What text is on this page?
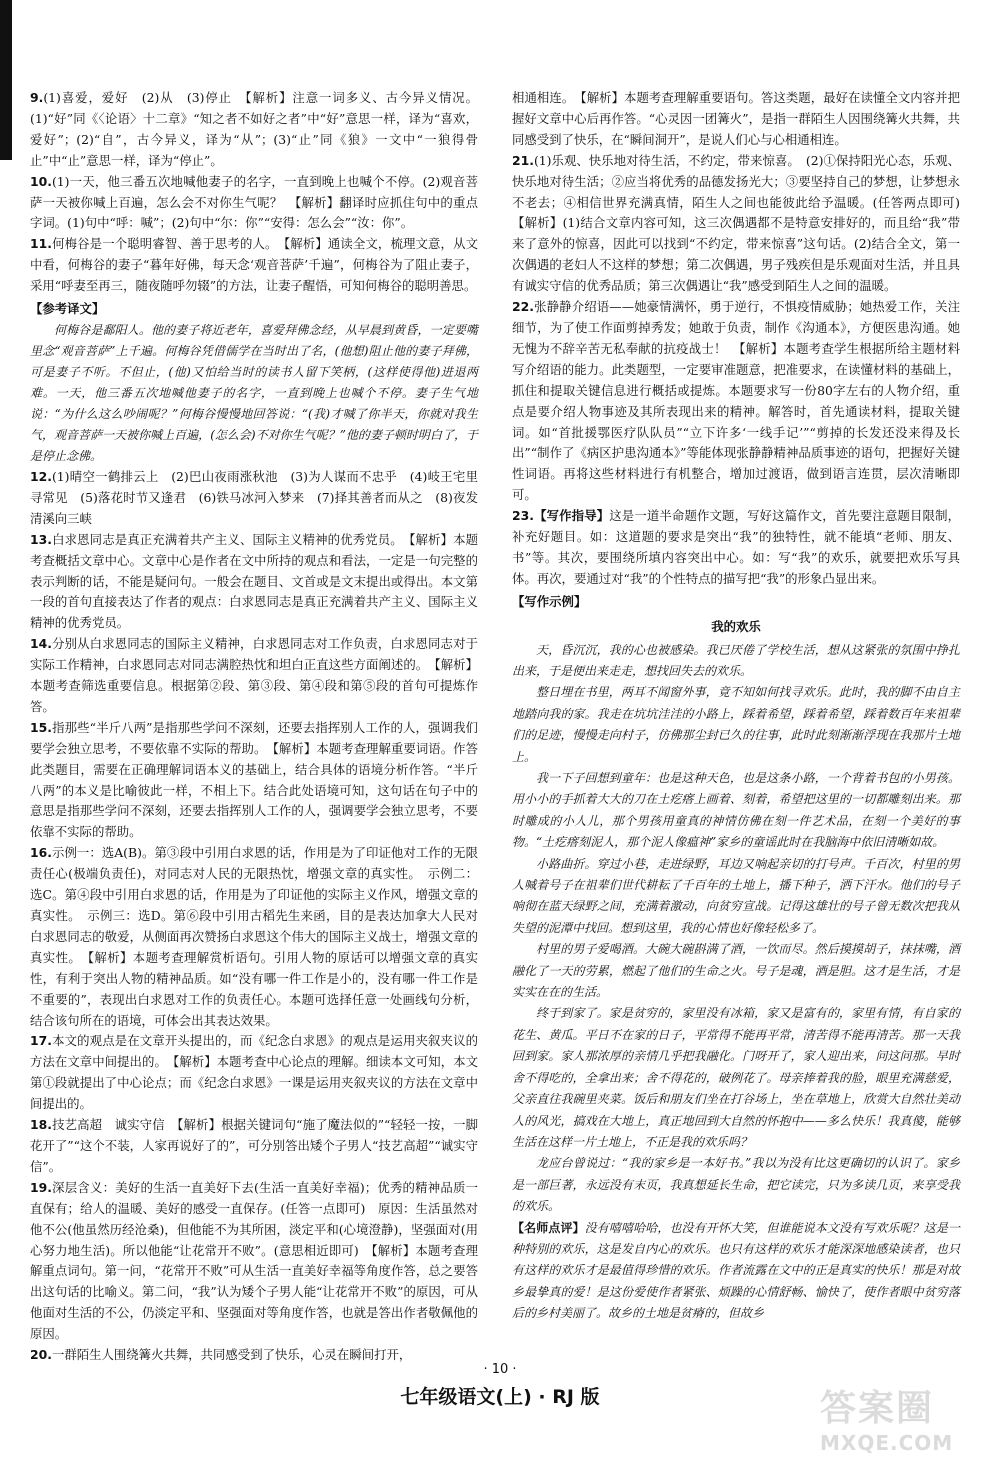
9.(1)喜爱，爱好　(2)从　(3)停止　【解析】注意一词多义、古今异义情况。(1)“好”同《〈论语〉十二章》“知之者不如好之者”中“好”意思一样，译为“喜欢，爱好”；(2)“自”，古今异义，译为“从”；(3)“止”同《狼》一文中“一狼得骨止”中“止”意思一样，译为“停止”。

10.(1)一天，他三番五次地喊他妻子的名字，一直到晚上也喊个不停。(2)观音菩萨一天被你喊上百遍，怎么会不对你生气呢？　【解析】翻译时应抓住句中的重点字词。(1)句中“呼：喊”；(2)句中“尔：你”“安得：怎么会”“汝：你”。

11.何梅谷是一个聪明睿智、善于思考的人。　【解析】通读全文，梳理文意，从文中看，何梅谷的妻子“暮年好佛，每天念‘观音菩萨’千遍”，何梅谷为了阻止妻子，采用“呼妻至再三，随夜随呼勿辍”的方法，让妻子醒悟，可知何梅谷的聪明善思。

【参考译文】

何梅谷是鄱阳人。他的妻子将近老年，喜爱拜佛念经，从早晨到黄昏，一定要嘴里念“观音菩萨”上千遍。何梅谷凭借儒学在当时出了名，(他想)阻止他的妻子拜佛，可是妻子不听。不但止，(他)又怕给当时的读书人留下笑柄，(这样使得他)进退两难。一天，他三番五次地喊他妻子的名字，一直到晚上也喊个不停。妻子生气地说：“为什么这么吵闹呢？”何梅谷慢慢地回答说：“(我)才喊了你半天，你就对我生气，观音菩萨一天被你喊上百遍，(怎么会)不对你生气呢？”他的妻子顿时明白了，于是停止念佛。

12.(1)晴空一鹤排云上　(2)巴山夜雨涨秋池　(3)为人谋而不忠乎　(4)岐王宅里寻常见　(5)落花时节又逢君　(6)铁马冰河入梦来　(7)择其善者而从之　(8)夜发清溪向三峡

13.白求恩同志是真正充满着共产主义、国际主义精神的优秀党员。　【解析】本题考查概括文章中心。文章中心是作者在文中所持的观点和看法，一定是一句完整的表示判断的话，不能是疑问句。一般会在题目、文首或是文末提出或得出。本文第一段的首句直接表达了作者的观点：白求恩同志是真正充满着共产主义、国际主义精神的优秀党员。

14.分别从白求恩同志的国际主义精神，白求恩同志对工作负责，白求恩同志对于实际工作精神，白求恩同志对同志满腔热忱和坦白正直这些方面阐述的。　【解析】本题考查筛选重要信息。根据第②段、第③段、第④段和第⑤段的首句可提炼作答。

15.指那些“半斤八两”是指那些学问不深刻，还要去指挥别人工作的人，强调我们要学会独立思考，不要依靠不实际的帮助。　【解析】本题考查理解重要词语。作答此类题目，需要在正确理解词语本义的基础上，结合具体的语境分析作答。“半斤八两”的本义是比喻彼此一样，不相上下。结合此处语境可知，这句话在句子中的意思是指那些学问不深刻，还要去指挥别人工作的人，强调要学会独立思考，不要依靠不实际的帮助。

16.示例一：选A(B)。第③段中引用白求恩的话，作用是为了印证他对工作的无限责任心(极端负责任)，对同志对人民的无限热忱，增强文章的真实性。　示例二：选C。第④段中引用白求恩的话，作用是为了印证他的实际主义作风，增强文章的真实性。　示例三：选D。第⑥段中引用古稻先生来函，目的是表达加拿大人民对白求恩同志的敬爱，从侧面再次赞扬白求恩这个伟大的国际主义战士，增强文章的真实性。　【解析】本题考查理解赏析语句。引用人物的原话可以增强文章的真实性，有利于突出人物的精神品质。如“没有哪一件工作是小的，没有哪一件工作是不重要的”，表现出白求恩对工作的负责任心。本题可选择任意一处画线句分析，结合该句所在的语境，可体会出其表达效果。

17.本文的观点是在文章开头提出的，而《纪念白求恩》的观点是运用夹叙夹议的方法在文章中间提出的。　【解析】本题考查中心论点的理解。细读本文可知，本文第①段就提出了中心论点；而《纪念白求恩》一课是运用夹叙夹议的方法在文章中间提出的。

18.技艺高超　诚实守信　【解析】根据关键词句“施了魔法似的”“轻轻一按，一脚花开了”“这个不装，人家再说好了的”，可分别答出矮个子男人“技艺高超”“诚实守信”。

19.深层含义：美好的生活一直美好下去(生活一直美好幸福)；优秀的精神品质一直保有；给人的温暖、美好的感受一直保存。(任答一点即可)　原因：生活虽然对他不公(他虽然历经沧桑)，但他能不为其所困，淡定平和(心境澄静)，坚强面对(用心努力地生活)。所以他能“让花常开不败”。(意思相近即可)　【解析】本题考查理解重点词句。第一问，“花常开不败”可从生活一直美好幸福等角度作答，总之要答出这句话的比喻义。第二问，“我”认为矮个子男人能“让花常开不败”的原因，可从他面对生活的不公，仍淡定平和、坚强面对等角度作答，也就是答出作者敬佩他的原因。

20.一群陌生人围绕篝火共舞，共同感受到了快乐，心灵在瞬间打开，

相通相连。　【解析】本题考查理解重要语句。答这类题，最好在读懂全文内容并把握好文章中心后再作答。“心灵因一团篝火”，是指一群陌生人因围绕篝火共舞，共同感受到了快乐，在“瞬间洞开”，是说人们心与心相通相连。

21.(1)乐观、快乐地对待生活，不约定，带来惊喜。　(2)①保持阳光心态，乐观、快乐地对待生活；②应当将优秀的品德发扬光大；③要坚持自己的梦想，让梦想永不老去；④相信世界充满真情，陌生人之间也能彼此给予温暖。(任答两点即可)　【解析】(1)结合文章内容可知，这三次偶遇都不是特意安排好的，而且给“我”带来了意外的惊喜，因此可以找到“不约定，带来惊喜”这句话。(2)结合全文，第一次偶遇的老妇人不这样的梦想；第二次偶遇，男子残疾但是乐观面对生活，并且具有诚实守信的优秀品质；第三次偶遇让“我”感受到陌生人之间的温暖。

22.张静静介绍语——她豪情满怀，勇于逆行，不惧疫情威胁；她热爱工作，关注细节，为了使工作面剪掉秀发；她敢于负责，制作《沟通本》，方便医患沟通。她无愧为不辞辛苦无私奉献的抗疫战士！　【解析】本题考查学生根据所给主题材料写介绍语的能力。此类题型，一定要审准题意，把准要求，在读懂材料的基础上，抓住和提取关键信息进行概括或提炼。本题要求写一份80字左右的人物介绍，重点是要介绍人物事迹及其所表现出来的精神。解答时，首先通读材料，提取关键词。如“首批援鄂医疗队队员”“立下许多‘一线手记’”“剪掉的长发还没来得及长出”“制作了《病区护患沟通本》”等能体现张静静精神品质事迹的语句，把握好关键性词语。再将这些材料进行有机整合，增加过渡语，做到语言连贯，层次清晰即可。

23.【写作指导】这是一道半命题作文题，写好这篇作文，首先要注意题目限制，补充好题目。如：这道题的要求是突出“我”的独特性，就不能填“老师、朋友、书”等。其次，要围绕所填内容突出中心。如：写“我”的欢乐，就要把欢乐写具体。再次，要通过对“我”的个性特点的描写把“我”的形象凸显出来。

【写作示例】

我的欢乐

天，昏沉沉，我的心也被感染。我已厌倦了学校生活，想从这紧张的氛围中挣扎出来，于是便出来走走，想找回失去的欢乐。

整日埋在书里，两耳不闻窗外事，竟不知如何找寻欢乐。此时，我的脚不由自主地踏向我的家。我走在坑坑洼洼的小路上，踩着希望，踩着希望，踩着数百年来祖辈们的足迹，慢慢走向村子，仿佛那尘封已久的往事，此时此刻渐渐浮现在我那片土地上。

我一下子回想到童年：也是这种天色，也是这条小路，一个背着书包的小男孩。用小小的手抓着大大的刀在土疙瘩上画着、刻着，希望把这里的一切都雕刻出来。那时雕成的小人儿，那个男孩用童真的神情仿佛在刻一件艺术品，在刻一个美好的事物。“土疙瘩刻泥人，那个泥人像瘟神”家乡的童谣此时在我脑海中依旧清晰如故。

小路曲折。穿过小巷，走进绿野，耳边又响起亲切的打号声。千百次，村里的男人喊着号子在祖辈们世代耕耘了千百年的土地上，播下种子，洒下汗水。他们的号子响彻在蓝天绿野之间，充满着激动，向贫穷宣战。记得这雄壮的号子曾无数次把我从失望的泥潭中找回。想到这里，我的心情也好像轻松多了。

村里的男子爱喝酒。大碗大碗斟满了酒，一饮而尽。然后摸摸胡子，抹抹嘴，酒融化了一天的劳累，燃起了他们的生命之火。号子是魂，酒是胆。这才是生活，才是实实在在的生活。

终于到家了。家是贫穷的，家里没有冰箱，家又是富有的，家里有情，有自家的花生、黄瓜。平日不在家的日子，平常得不能再平常，清苦得不能再清苦。那一天我回到家。家人那浓厚的亲情几乎把我融化。门呀开了，家人迎出来，问这问那。早时舍不得吃的，全拿出来；舍不得花的，破例花了。母亲捧着我的脸，眼里充满慈爱，父亲直往我碗里夹菜。饭后和朋友们坐在打谷场上，坐在草地上，欣赏大自然壮美动人的风光，搞戏在大地上，真正地回到大自然的怀抱中——多么快乐！我真傻，能够生活在这样一片土地上，不正是我的欢乐吗？

龙应台曾说过：“我的家乡是一本好书。”我以为没有比这更确切的认识了。家乡是一部巨著，永远没有末页，我真想延长生命，把它读完，只为多读几页，来享受我的欢乐。

【名师点评】没有嘻嘻哈哈，也没有开怀大笑，但谁能说本文没有写欢乐呢？这是一种特别的欢乐，这是发自内心的欢乐。也只有这样的欢乐才能深深地感染读者，也只有这样的欢乐才是最值得珍惜的欢乐。作者流露在文中的正是真实的快乐！那是对故乡最挚真的爱！是这份爱使作者紧张、烦躁的心情舒畅、愉快了，使作者眼中贫穷落后的乡村美丽了。故乡的土地是贫瘠的，但故乡

· 10 ·
七年级语文(上) · RJ 版	答案圈
MXQE.COM
